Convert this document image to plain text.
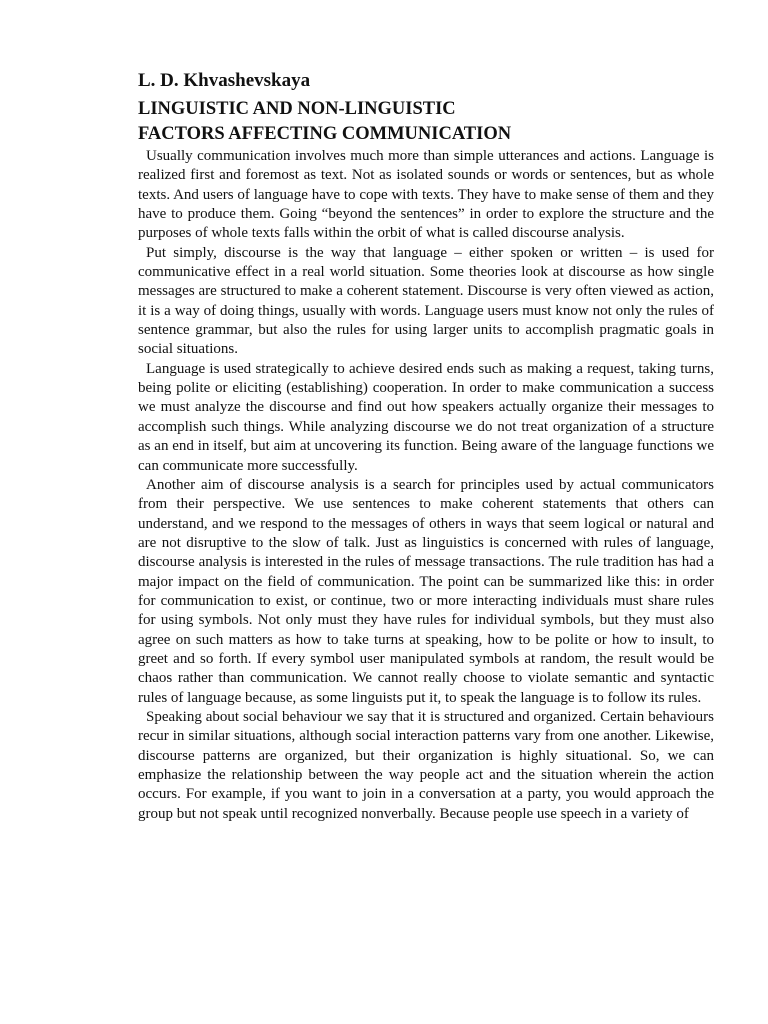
L. D. Khvashevskaya
LINGUISTIC AND NON-LINGUISTIC
FACTORS AFFECTING COMMUNICATION

Usually communication involves much more than simple utterances and actions. Language is realized first and foremost as text. Not as isolated sounds or words or sentences, but as whole texts. And users of language have to cope with texts. They have to make sense of them and they have to produce them. Going “beyond the sentences” in order to explore the structure and the purposes of whole texts falls within the orbit of what is called discourse analysis.

Put simply, discourse is the way that language – either spoken or written – is used for communicative effect in a real world situation. Some theories look at discourse as how single messages are structured to make a coherent statement. Discourse is very often viewed as action, it is a way of doing things, usually with words. Language users must know not only the rules of sentence grammar, but also the rules for using larger units to accomplish pragmatic goals in social situations.

Language is used strategically to achieve desired ends such as making a request, taking turns, being polite or eliciting (establishing) cooperation. In order to make communication a success we must analyze the discourse and find out how speakers actually organize their messages to accomplish such things. While analyzing discourse we do not treat organization of a structure as an end in itself, but aim at uncovering its function. Being aware of the language functions we can communicate more successfully.

Another aim of discourse analysis is a search for principles used by actual communicators from their perspective. We use sentences to make coherent statements that others can understand, and we respond to the messages of others in ways that seem logical or natural and are not disruptive to the slow of talk. Just as linguistics is concerned with rules of language, discourse analysis is interested in the rules of message transactions. The rule tradition has had a major impact on the field of communication. The point can be summarized like this: in order for communication to exist, or continue, two or more interacting individuals must share rules for using symbols. Not only must they have rules for individual symbols, but they must also agree on such matters as how to take turns at speaking, how to be polite or how to insult, to greet and so forth. If every symbol user manipulated symbols at random, the result would be chaos rather than communication. We cannot really choose to violate semantic and syntactic rules of language because, as some linguists put it, to speak the language is to follow its rules.

Speaking about social behaviour we say that it is structured and organized. Certain behaviours recur in similar situations, although social interaction patterns vary from one another. Likewise, discourse patterns are organized, but their organization is highly situational. So, we can emphasize the relationship between the way people act and the situation wherein the action occurs. For example, if you want to join in a conversation at a party, you would approach the group but not speak until recognized nonverbally. Because people use speech in a variety of
